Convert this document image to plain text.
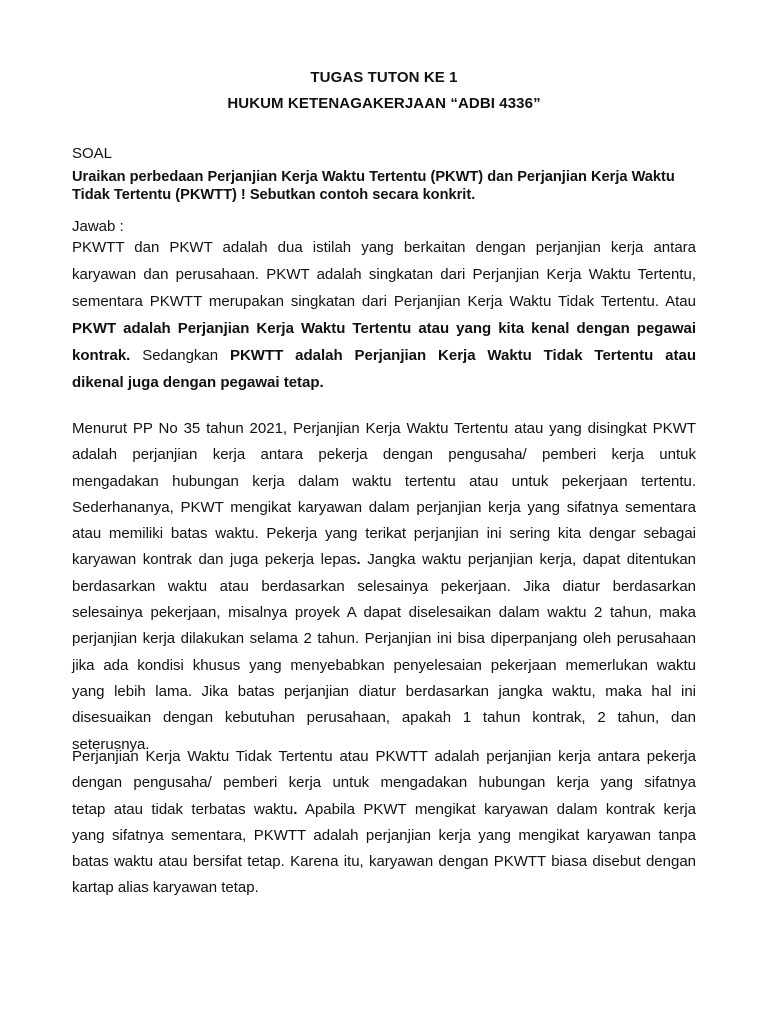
TUGAS TUTON KE 1
HUKUM KETENAGAKERJAAN “ADBI 4336”
SOAL
Uraikan perbedaan Perjanjian Kerja Waktu Tertentu (PKWT) dan Perjanjian Kerja Waktu Tidak Tertentu (PKWTT) ! Sebutkan contoh secara konkrit.
Jawab :
PKWTT dan PKWT adalah dua istilah yang berkaitan dengan perjanjian kerja antara
karyawan dan perusahaan. PKWT adalah singkatan dari Perjanjian Kerja Waktu Tertentu,
sementara PKWTT merupakan singkatan dari Perjanjian Kerja Waktu Tidak Tertentu. Atau
PKWT adalah Perjanjian Kerja Waktu Tertentu atau yang kita kenal dengan pegawai
kontrak. Sedangkan PKWTT adalah Perjanjian Kerja Waktu Tidak Tertentu atau
dikenal juga dengan pegawai tetap.
Menurut PP No 35 tahun 2021, Perjanjian Kerja Waktu Tertentu atau yang disingkat PKWT
adalah perjanjian kerja antara pekerja dengan pengusaha/ pemberi kerja untuk
mengadakan hubungan kerja dalam waktu tertentu atau untuk pekerjaan tertentu.
Sederhananya, PKWT mengikat karyawan dalam perjanjian kerja yang sifatnya sementara
atau memiliki batas waktu. Pekerja yang terikat perjanjian ini sering kita dengar sebagai
karyawan kontrak dan juga pekerja lepas. Jangka waktu perjanjian kerja, dapat ditentukan
berdasarkan waktu atau berdasarkan selesainya pekerjaan. Jika diatur berdasarkan
selesainya pekerjaan, misalnya proyek A dapat diselesaikan dalam waktu 2 tahun, maka
perjanjian kerja dilakukan selama 2 tahun. Perjanjian ini bisa diperpanjang oleh perusahaan
jika ada kondisi khusus yang menyebabkan penyelesaian pekerjaan memerlukan waktu
yang lebih lama. Jika batas perjanjian diatur berdasarkan jangka waktu, maka hal ini
disesuaikan dengan kebutuhan perusahaan, apakah 1 tahun kontrak, 2 tahun, dan
seterusnya.
Perjanjian Kerja Waktu Tidak Tertentu atau PKWTT adalah perjanjian kerja antara pekerja
dengan pengusaha/ pemberi kerja untuk mengadakan hubungan kerja yang sifatnya
tetap atau tidak terbatas waktu. Apabila PKWT mengikat karyawan dalam kontrak kerja
yang sifatnya sementara, PKWTT adalah perjanjian kerja yang mengikat karyawan tanpa
batas waktu atau bersifat tetap. Karena itu, karyawan dengan PKWTT biasa disebut dengan
kartap alias karyawan tetap.
